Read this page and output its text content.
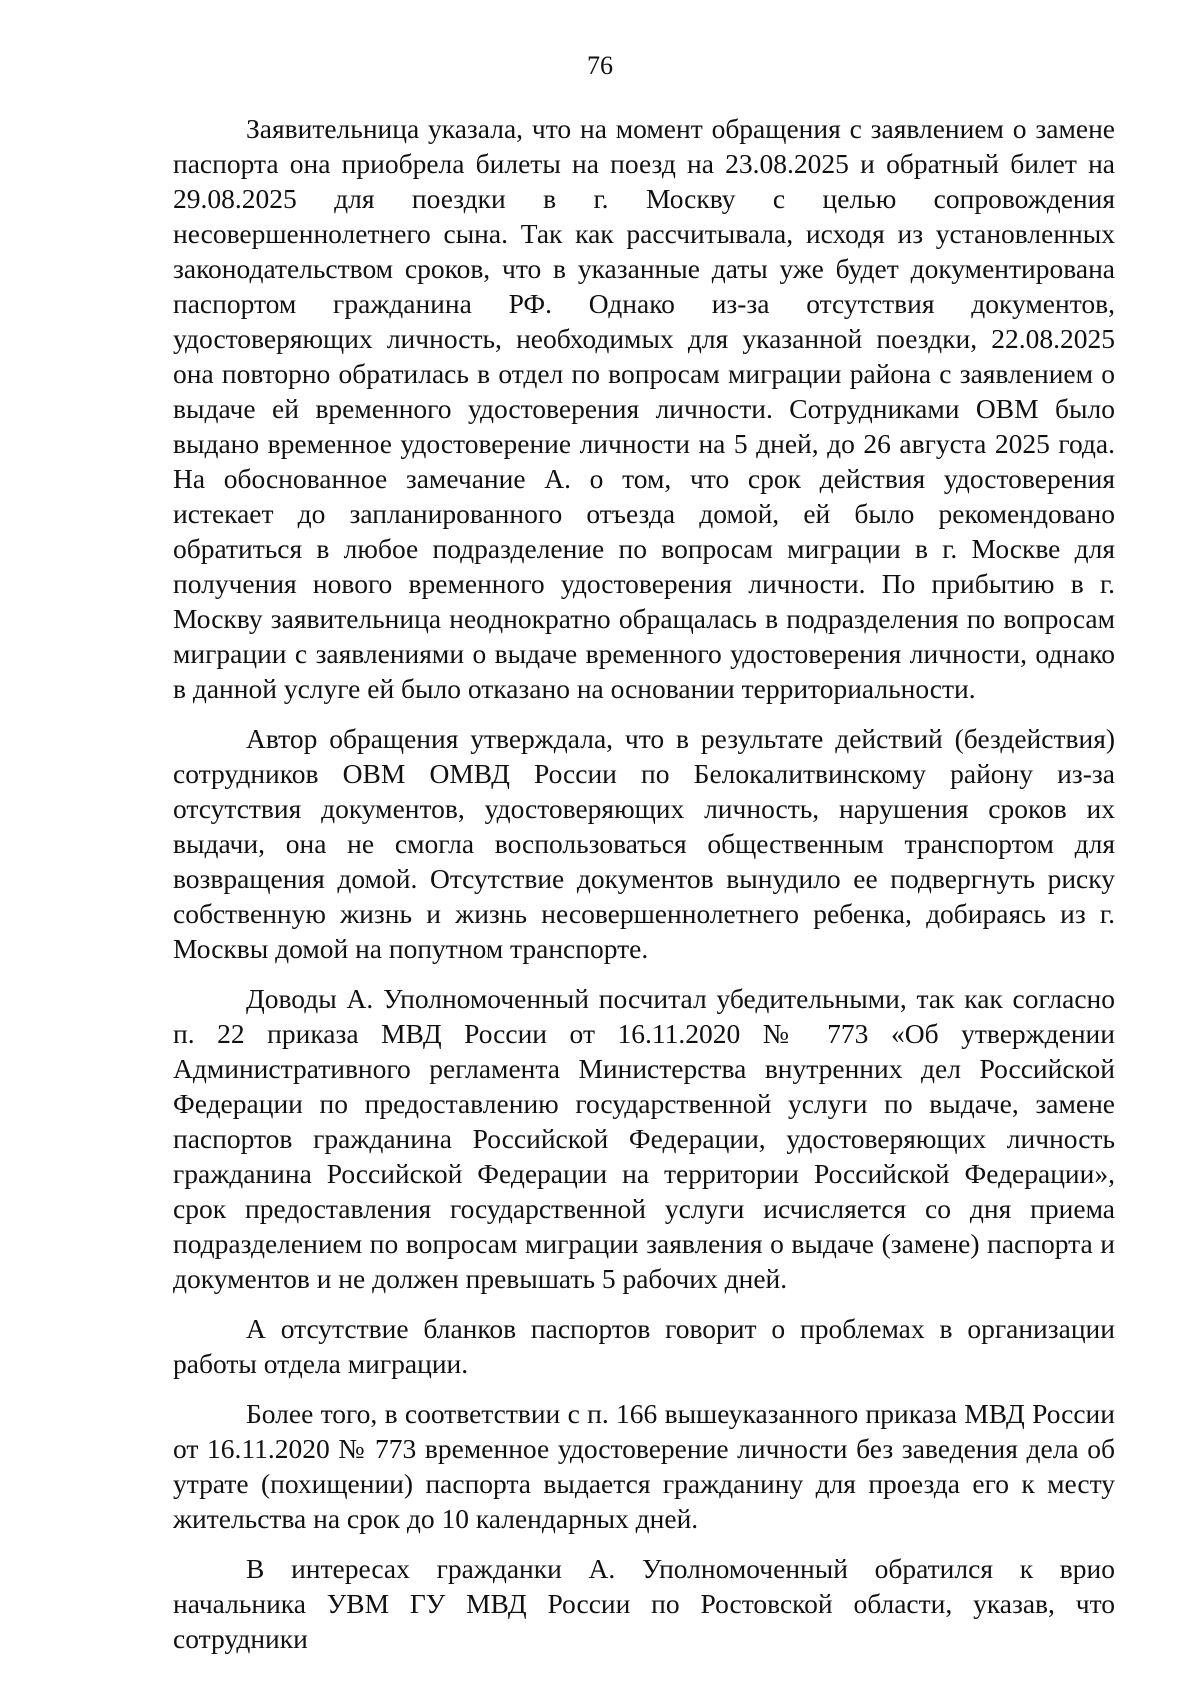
76

Заявительница указала, что на момент обращения с заявлением о замене паспорта она приобрела билеты на поезд на 23.08.2025 и обратный билет на 29.08.2025 для поездки в г. Москву с целью сопровождения несовершеннолетнего сына. Так как рассчитывала, исходя из установленных законодательством сроков, что в указанные даты уже будет документирована паспортом гражданина РФ. Однако из-за отсутствия документов, удостоверяющих личность, необходимых для указанной поездки, 22.08.2025 она повторно обратилась в отдел по вопросам миграции района с заявлением о выдаче ей временного удостоверения личности. Сотрудниками ОВМ было выдано временное удостоверение личности на 5 дней, до 26 августа 2025 года. На обоснованное замечание А. о том, что срок действия удостоверения истекает до запланированного отъезда домой, ей было рекомендовано обратиться в любое подразделение по вопросам миграции в г. Москве для получения нового временного удостоверения личности. По прибытию в г. Москву заявительница неоднократно обращалась в подразделения по вопросам миграции с заявлениями о выдаче временного удостоверения личности, однако в данной услуге ей было отказано на основании территориальности.

Автор обращения утверждала, что в результате действий (бездействия) сотрудников ОВМ ОМВД России по Белокалитвинскому району из-за отсутствия документов, удостоверяющих личность, нарушения сроков их выдачи, она не смогла воспользоваться общественным транспортом для возвращения домой. Отсутствие документов вынудило ее подвергнуть риску собственную жизнь и жизнь несовершеннолетнего ребенка, добираясь из г. Москвы домой на попутном транспорте.

Доводы А. Уполномоченный посчитал убедительными, так как согласно п. 22 приказа МВД России от 16.11.2020 № 773 «Об утверждении Административного регламента Министерства внутренних дел Российской Федерации по предоставлению государственной услуги по выдаче, замене паспортов гражданина Российской Федерации, удостоверяющих личность гражданина Российской Федерации на территории Российской Федерации», срок предоставления государственной услуги исчисляется со дня приема подразделением по вопросам миграции заявления о выдаче (замене) паспорта и документов и не должен превышать 5 рабочих дней.

А отсутствие бланков паспортов говорит о проблемах в организации работы отдела миграции.

Более того, в соответствии с п. 166 вышеуказанного приказа МВД России от 16.11.2020 № 773 временное удостоверение личности без заведения дела об утрате (похищении) паспорта выдается гражданину для проезда его к месту жительства на срок до 10 календарных дней.

В интересах гражданки А. Уполномоченный обратился к врио начальника УВМ ГУ МВД России по Ростовской области, указав, что сотрудники
